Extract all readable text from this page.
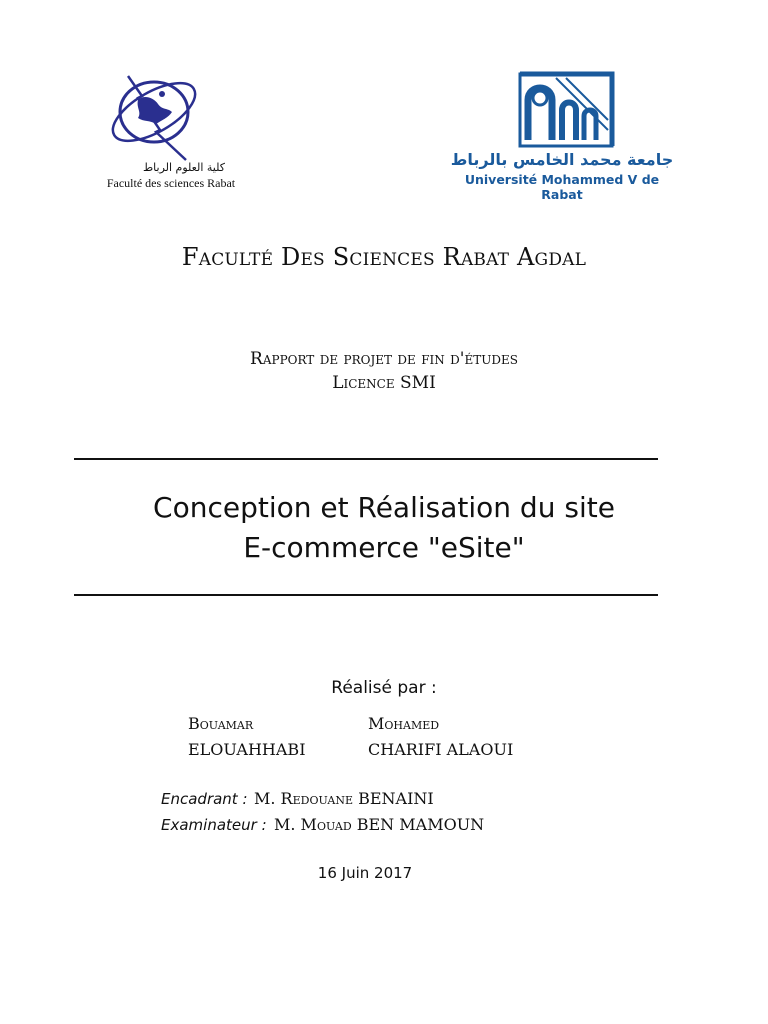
كلية العلوم الرباط
Faculté des sciences Rabat
جامعة محمد الخامس بالرباط
Université Mohammed V de Rabat
Faculté Des Sciences Rabat Agdal
Rapport de projet de fin d'études
Licence SMI
Conception et Réalisation du site
E-commerce "eSite"
Réalisé par :
Bouamar
ELOUAHHABI
Mohamed
CHARIFI ALAOUI
Encadrant : M. Redouane BENAINI
Examinateur : M. Mouad BEN MAMOUN
16 Juin 2017
